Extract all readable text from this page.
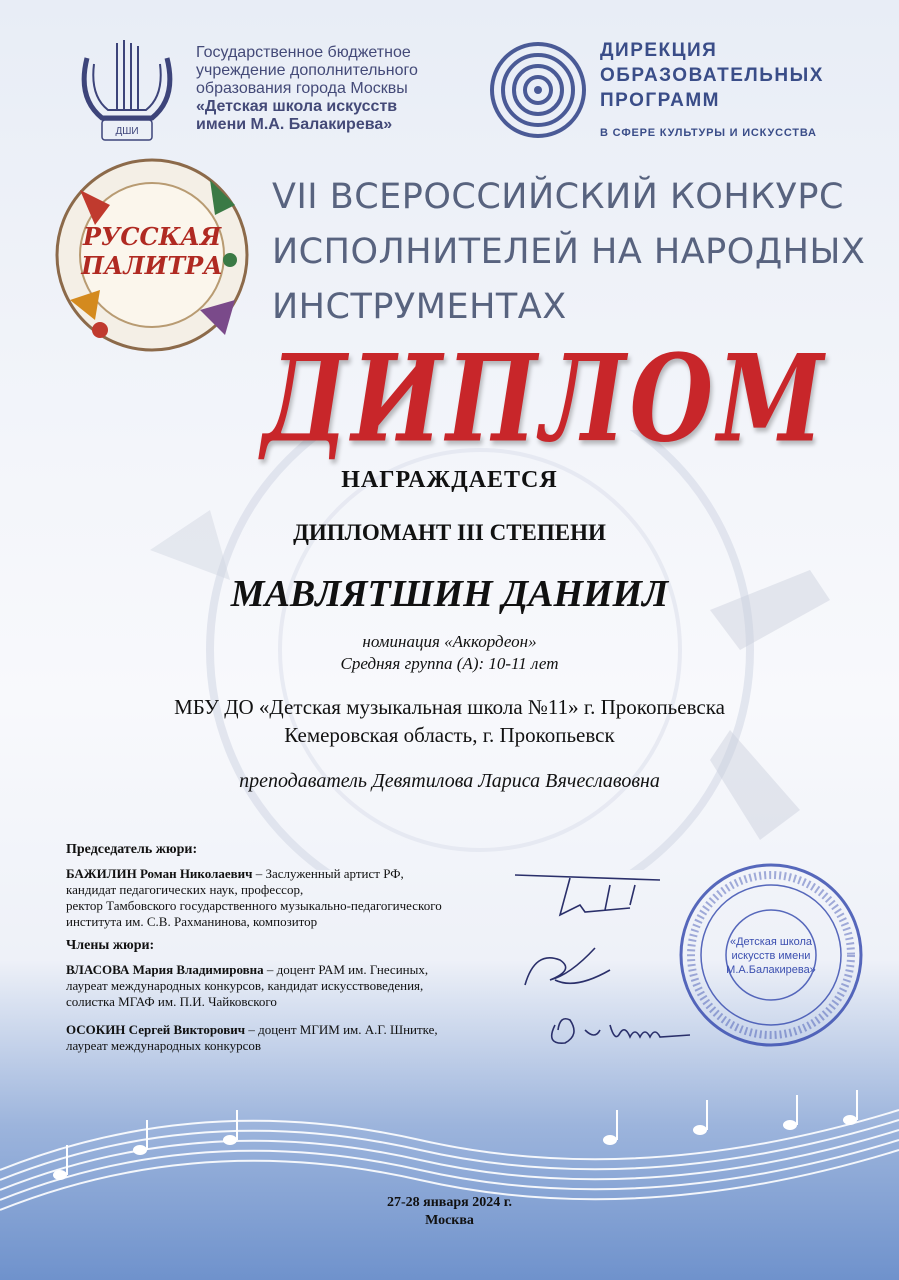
ДШИ
Государственное бюджетное
учреждение дополнительного
образования города Москвы
«Детская школа искусств
имени М.А. Балакирева»
ДИРЕКЦИЯ
ОБРАЗОВАТЕЛЬНЫХ
ПРОГРАММ
В СФЕРЕ КУЛЬТУРЫ И ИСКУССТВА
РУССКАЯ
ПАЛИТРА
VII ВСЕРОССИЙСКИЙ КОНКУРС
ИСПОЛНИТЕЛЕЙ НА НАРОДНЫХ
ИНСТРУМЕНТАХ
ДИПЛОМ
НАГРАЖДАЕТСЯ
ДИПЛОМАНТ III СТЕПЕНИ
МАВЛЯТШИН ДАНИИЛ
номинация «Аккордеон»
Средняя группа (А): 10-11 лет
МБУ ДО «Детская музыкальная школа №11» г. Прокопьевска
Кемеровская область, г. Прокопьевск
преподаватель Девятилова Лариса Вячеславовна

Председатель жюри:

БАЖИЛИН Роман Николаевич – Заслуженный артист РФ,

кандидат педагогических наук, профессор,

ректор Тамбовского государственного музыкально-педагогического

института им. С.В. Рахманинова, композитор

Члены жюри:

ВЛАСОВА Мария Владимировна – доцент РАМ им. Гнесиных,

лауреат международных конкурсов, кандидат искусствоведения,

солистка МГАФ им. П.И. Чайковского

ОСОКИН Сергей Викторович – доцент МГИМ им. А.Г. Шнитке,

лауреат международных конкурсов

«Детская школа
искусств имени
М.А.Балакирева»
27-28 января 2024 г.
Москва
